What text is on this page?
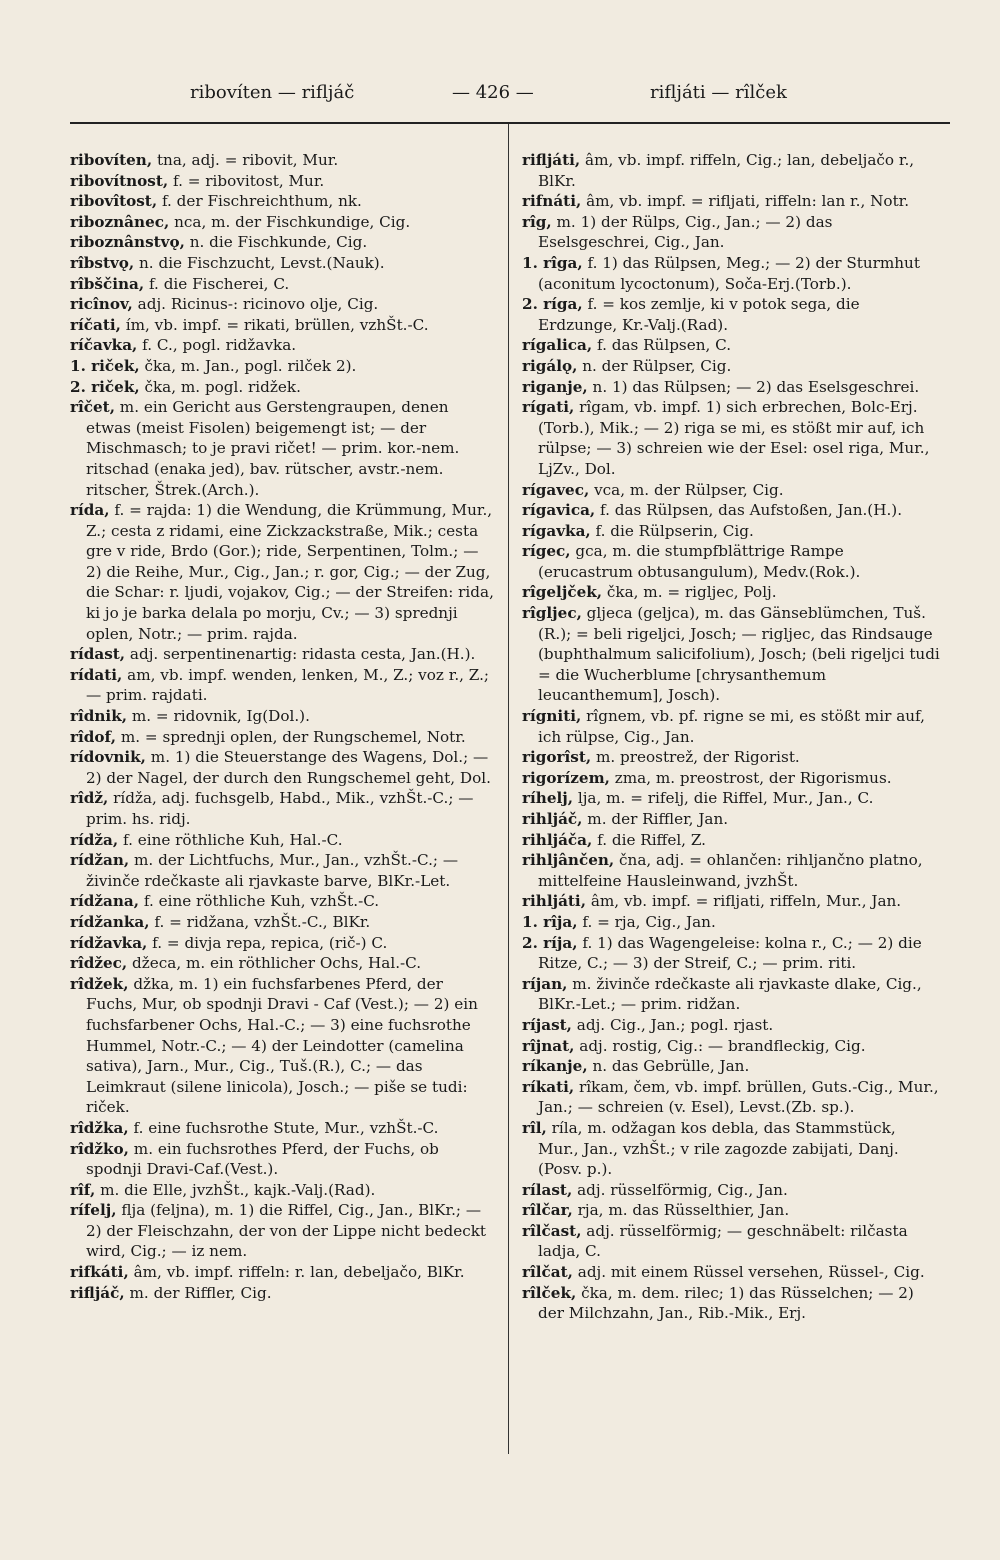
ribovíten — rifljáč	— 426 —	rifljáti — rîlček

ribovíten, tna, adj. = ribovit, Mur.

ribovítnost, f. = ribovitost, Mur.

ribovîtost, f. der Fischreichthum, nk.

riboznânec, nca, m. der Fischkundige, Cig.

riboznânstvǫ, n. die Fischkunde, Cig.

rîbstvǫ, n. die Fischzucht, Levst.(Nauk).

rîbščina, f. die Fischerei, C.

ricînov, adj. Ricinus-: ricinovo olje, Cig.

ríčati, ím, vb. impf. = rikati, brüllen, vzhŠt.-C.

ríčavka, f. C., pogl. ridžavka.

1. riček, čka, m. Jan., pogl. rilček 2).

2. riček, čka, m. pogl. ridžek.

rîčet, m. ein Gericht aus Gerstengraupen, denen etwas (meist Fisolen) beigemengt ist; — der Mischmasch; to je pravi ričet! — prim. kor.-nem. ritschad (enaka jed), bav. rütscher, avstr.-nem. ritscher, Štrek.(Arch.).

rída, f. = rajda: 1) die Wendung, die Krümmung, Mur., Z.; cesta z ridami, eine Zickzackstraße, Mik.; cesta gre v ride, Brdo (Gor.); ride, Serpentinen, Tolm.; — 2) die Reihe, Mur., Cig., Jan.; r. gor, Cig.; — der Zug, die Schar: r. ljudi, vojakov, Cig.; — der Streifen: rida, ki jo je barka delala po morju, Cv.; — 3) sprednji oplen, Notr.; — prim. rajda.

rídast, adj. serpentinenartig: ridasta cesta, Jan.(H.).

rídati, am, vb. impf. wenden, lenken, M., Z.; voz r., Z.; — prim. rajdati.

rîdnik, m. = ridovnik, Ig(Dol.).

rîdof, m. = sprednji oplen, der Rungschemel, Notr.

rídovnik, m. 1) die Steuerstange des Wagens, Dol.; — 2) der Nagel, der durch den Rungschemel geht, Dol.

rîdž, rídža, adj. fuchsgelb, Habd., Mik., vzhŠt.-C.; — prim. hs. ridj.

rídža, f. eine röthliche Kuh, Hal.-C.

rídžan, m. der Lichtfuchs, Mur., Jan., vzhŠt.-C.; — živinče rdečkaste ali rjavkaste barve, BlKr.-Let.

rídžana, f. eine röthliche Kuh, vzhŠt.-C.

rídžanka, f. = ridžana, vzhŠt.-C., BlKr.

rídžavka, f. = divja repa, repica, (rič-) C.

rîdžec, džeca, m. ein röthlicher Ochs, Hal.-C.

rîdžek, džka, m. 1) ein fuchsfarbenes Pferd, der Fuchs, Mur, ob spodnji Dravi - Caf (Vest.); — 2) ein fuchsfarbener Ochs, Hal.-C.; — 3) eine fuchsrothe Hummel, Notr.-C.; — 4) der Leindotter (camelina sativa), Jarn., Mur., Cig., Tuš.(R.), C.; — das Leimkraut (silene linicola), Josch.; — piše se tudi: riček.

rîdžka, f. eine fuchsrothe Stute, Mur., vzhŠt.-C.

rîdžko, m. ein fuchsrothes Pferd, der Fuchs, ob spodnji Dravi-Caf.(Vest.).

rîf, m. die Elle, jvzhŠt., kajk.-Valj.(Rad).

rífelj, flja (feljna), m. 1) die Riffel, Cig., Jan., BlKr.; — 2) der Fleischzahn, der von der Lippe nicht bedeckt wird, Cig.; — iz nem.

rifkáti, âm, vb. impf. riffeln: r. lan, debeljačo, BlKr.

rifljáč, m. der Riffler, Cig.

rifljáti, âm, vb. impf. riffeln, Cig.; lan, debeljačo r., BlKr.

rifnáti, âm, vb. impf. = rifljati, riffeln: lan r., Notr.

rîg, m. 1) der Rülps, Cig., Jan.; — 2) das Eselsgeschrei, Cig., Jan.

1. rîga, f. 1) das Rülpsen, Meg.; — 2) der Sturmhut (aconitum lycoctonum), Soča-Erj.(Torb.).

2. ríga, f. = kos zemlje, ki v potok sega, die Erdzunge, Kr.-Valj.(Rad).

rígalica, f. das Rülpsen, C.

rigálǫ, n. der Rülpser, Cig.

riganje, n. 1) das Rülpsen; — 2) das Eselsgeschrei.

rígati, rîgam, vb. impf. 1) sich erbrechen, Bolc-Erj.(Torb.), Mik.; — 2) riga se mi, es stößt mir auf, ich rülpse; — 3) schreien wie der Esel: osel riga, Mur., LjZv., Dol.

rígavec, vca, m. der Rülpser, Cig.

rígavica, f. das Rülpsen, das Aufstoßen, Jan.(H.).

rígavka, f. die Rülpserin, Cig.

rígec, gca, m. die stumpfblättrige Rampe (erucastrum obtusangulum), Medv.(Rok.).

rîgeljček, čka, m. = rigljec, Polj.

rîgljec, gljeca (geljca), m. das Gänseblümchen, Tuš.(R.); = beli rigeljci, Josch; — rigljec, das Rindsauge (buphthalmum salicifolium), Josch; (beli rigeljci tudi = die Wucherblume [chrysanthemum leucanthemum], Josch).

rígniti, rîgnem, vb. pf. rigne se mi, es stößt mir auf, ich rülpse, Cig., Jan.

rigorîst, m. preostrež, der Rigorist.

rigorízem, zma, m. preostrost, der Rigorismus.

ríhelj, lja, m. = rifelj, die Riffel, Mur., Jan., C.

rihljáč, m. der Riffler, Jan.

rihljáča, f. die Riffel, Z.

rihljânčen, čna, adj. = ohlančen: rihljančno platno, mittelfeine Hausleinwand, jvzhŠt.

rihljáti, âm, vb. impf. = rifljati, riffeln, Mur., Jan.

1. rîja, f. = rja, Cig., Jan.

2. ríja, f. 1) das Wagengeleise: kolna r., C.; — 2) die Ritze, C.; — 3) der Streif, C.; — prim. riti.

ríjan, m. živinče rdečkaste ali rjavkaste dlake, Cig., BlKr.-Let.; — prim. ridžan.

ríjast, adj. Cig., Jan.; pogl. rjast.

rîjnat, adj. rostig, Cig.: — brandfleckig, Cig.

ríkanje, n. das Gebrülle, Jan.

ríkati, rîkam, čem, vb. impf. brüllen, Guts.-Cig., Mur., Jan.; — schreien (v. Esel), Levst.(Zb. sp.).

rîl, ríla, m. odžagan kos debla, das Stammstück, Mur., Jan., vzhŠt.; v rile zagozde zabijati, Danj.(Posv. p.).

rílast, adj. rüsselförmig, Cig., Jan.

rîlčar, rja, m. das Rüsselthier, Jan.

rîlčast, adj. rüsselförmig; — geschnäbelt: rilčasta ladja, C.

rîlčat, adj. mit einem Rüssel versehen, Rüssel-, Cig.

rîlček, čka, m. dem. rilec; 1) das Rüsselchen; — 2) der Milchzahn, Jan., Rib.-Mik., Erj.
